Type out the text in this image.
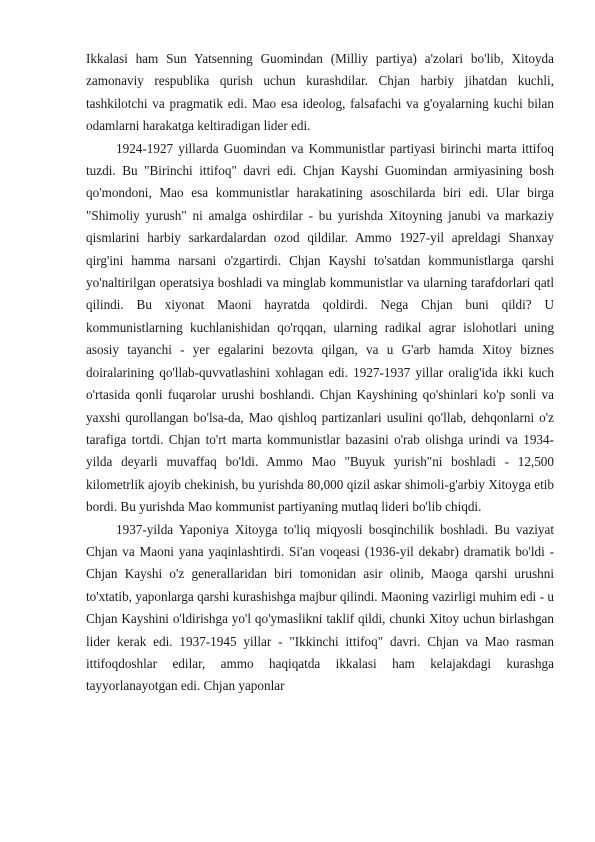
Ikkalasi ham Sun Yatsenning Guomindan (Milliy partiya) a'zolari bo'lib, Xitoyda zamonaviy respublika qurish uchun kurashdilar. Chjan harbiy jihatdan kuchli, tashkilotchi va pragmatik edi. Mao esa ideolog, falsafachi va g'oyalarning kuchi bilan odamlarni harakatga keltiradigan lider edi.

1924-1927 yillarda Guomindan va Kommunistlar partiyasi birinchi marta ittifoq tuzdi. Bu "Birinchi ittifoq" davri edi. Chjan Kayshi Guomindan armiyasining bosh qo'mondoni, Mao esa kommunistlar harakatining asoschilarda biri edi. Ular birga "Shimoliy yurush" ni amalga oshirdilar - bu yurishda Xitoyning janubi va markaziy qismlarini harbiy sarkardalardan ozod qildilar. Ammo 1927-yil apreldagi Shanxay qirg'ini hamma narsani o'zgartirdi. Chjan Kayshi to'satdan kommunistlarga qarshi yo'naltirilgan operatsiya boshladi va minglab kommunistlar va ularning tarafdorlari qatl qilindi. Bu xiyonat Maoni hayratda qoldirdi. Nega Chjan buni qildi? U kommunistlarning kuchlanishidan qo'rqqan, ularning radikal agrar islohotlari uning asosiy tayanchi - yer egalarini bezovta qilgan, va u G'arb hamda Xitoy biznes doiralarining qo'llab-quvvatlashini xohlagan edi. 1927-1937 yillar oralig'ida ikki kuch o'rtasida qonli fuqarolar urushi boshlandi. Chjan Kayshining qo'shinlari ko'p sonli va yaxshi qurollangan bo'lsa-da, Mao qishloq partizanlari usulini qo'llab, dehqonlarni o'z tarafiga tortdi. Chjan to'rt marta kommunistlar bazasini o'rab olishga urindi va 1934-yilda deyarli muvaffaq bo'ldi. Ammo Mao "Buyuk yurish"ni boshladi - 12,500 kilometrlik ajoyib chekinish, bu yurishda 80,000 qizil askar shimoli-g'arbiy Xitoyga etib bordi. Bu yurishda Mao kommunist partiyaning mutlaq lideri bo'lib chiqdi.

1937-yilda Yaponiya Xitoyga to'liq miqyosli bosqinchilik boshladi. Bu vaziyat Chjan va Maoni yana yaqinlashtirdi. Si'an voqeasi (1936-yil dekabr) dramatik bo'ldi - Chjan Kayshi o'z generallaridan biri tomonidan asir olinib, Maoga qarshi urushni to'xtatib, yaponlarga qarshi kurashishga majbur qilindi. Maoning vazirligi muhim edi - u Chjan Kayshini o'ldirishga yo'l qo'ymaslikni taklif qildi, chunki Xitoy uchun birlashgan lider kerak edi. 1937-1945 yillar - "Ikkinchi ittifoq" davri. Chjan va Mao rasman ittifoqdoshlar edilar, ammo haqiqatda ikkalasi ham kelajakdagi kurashga tayyorlanayotgan edi. Chjan yaponlar
